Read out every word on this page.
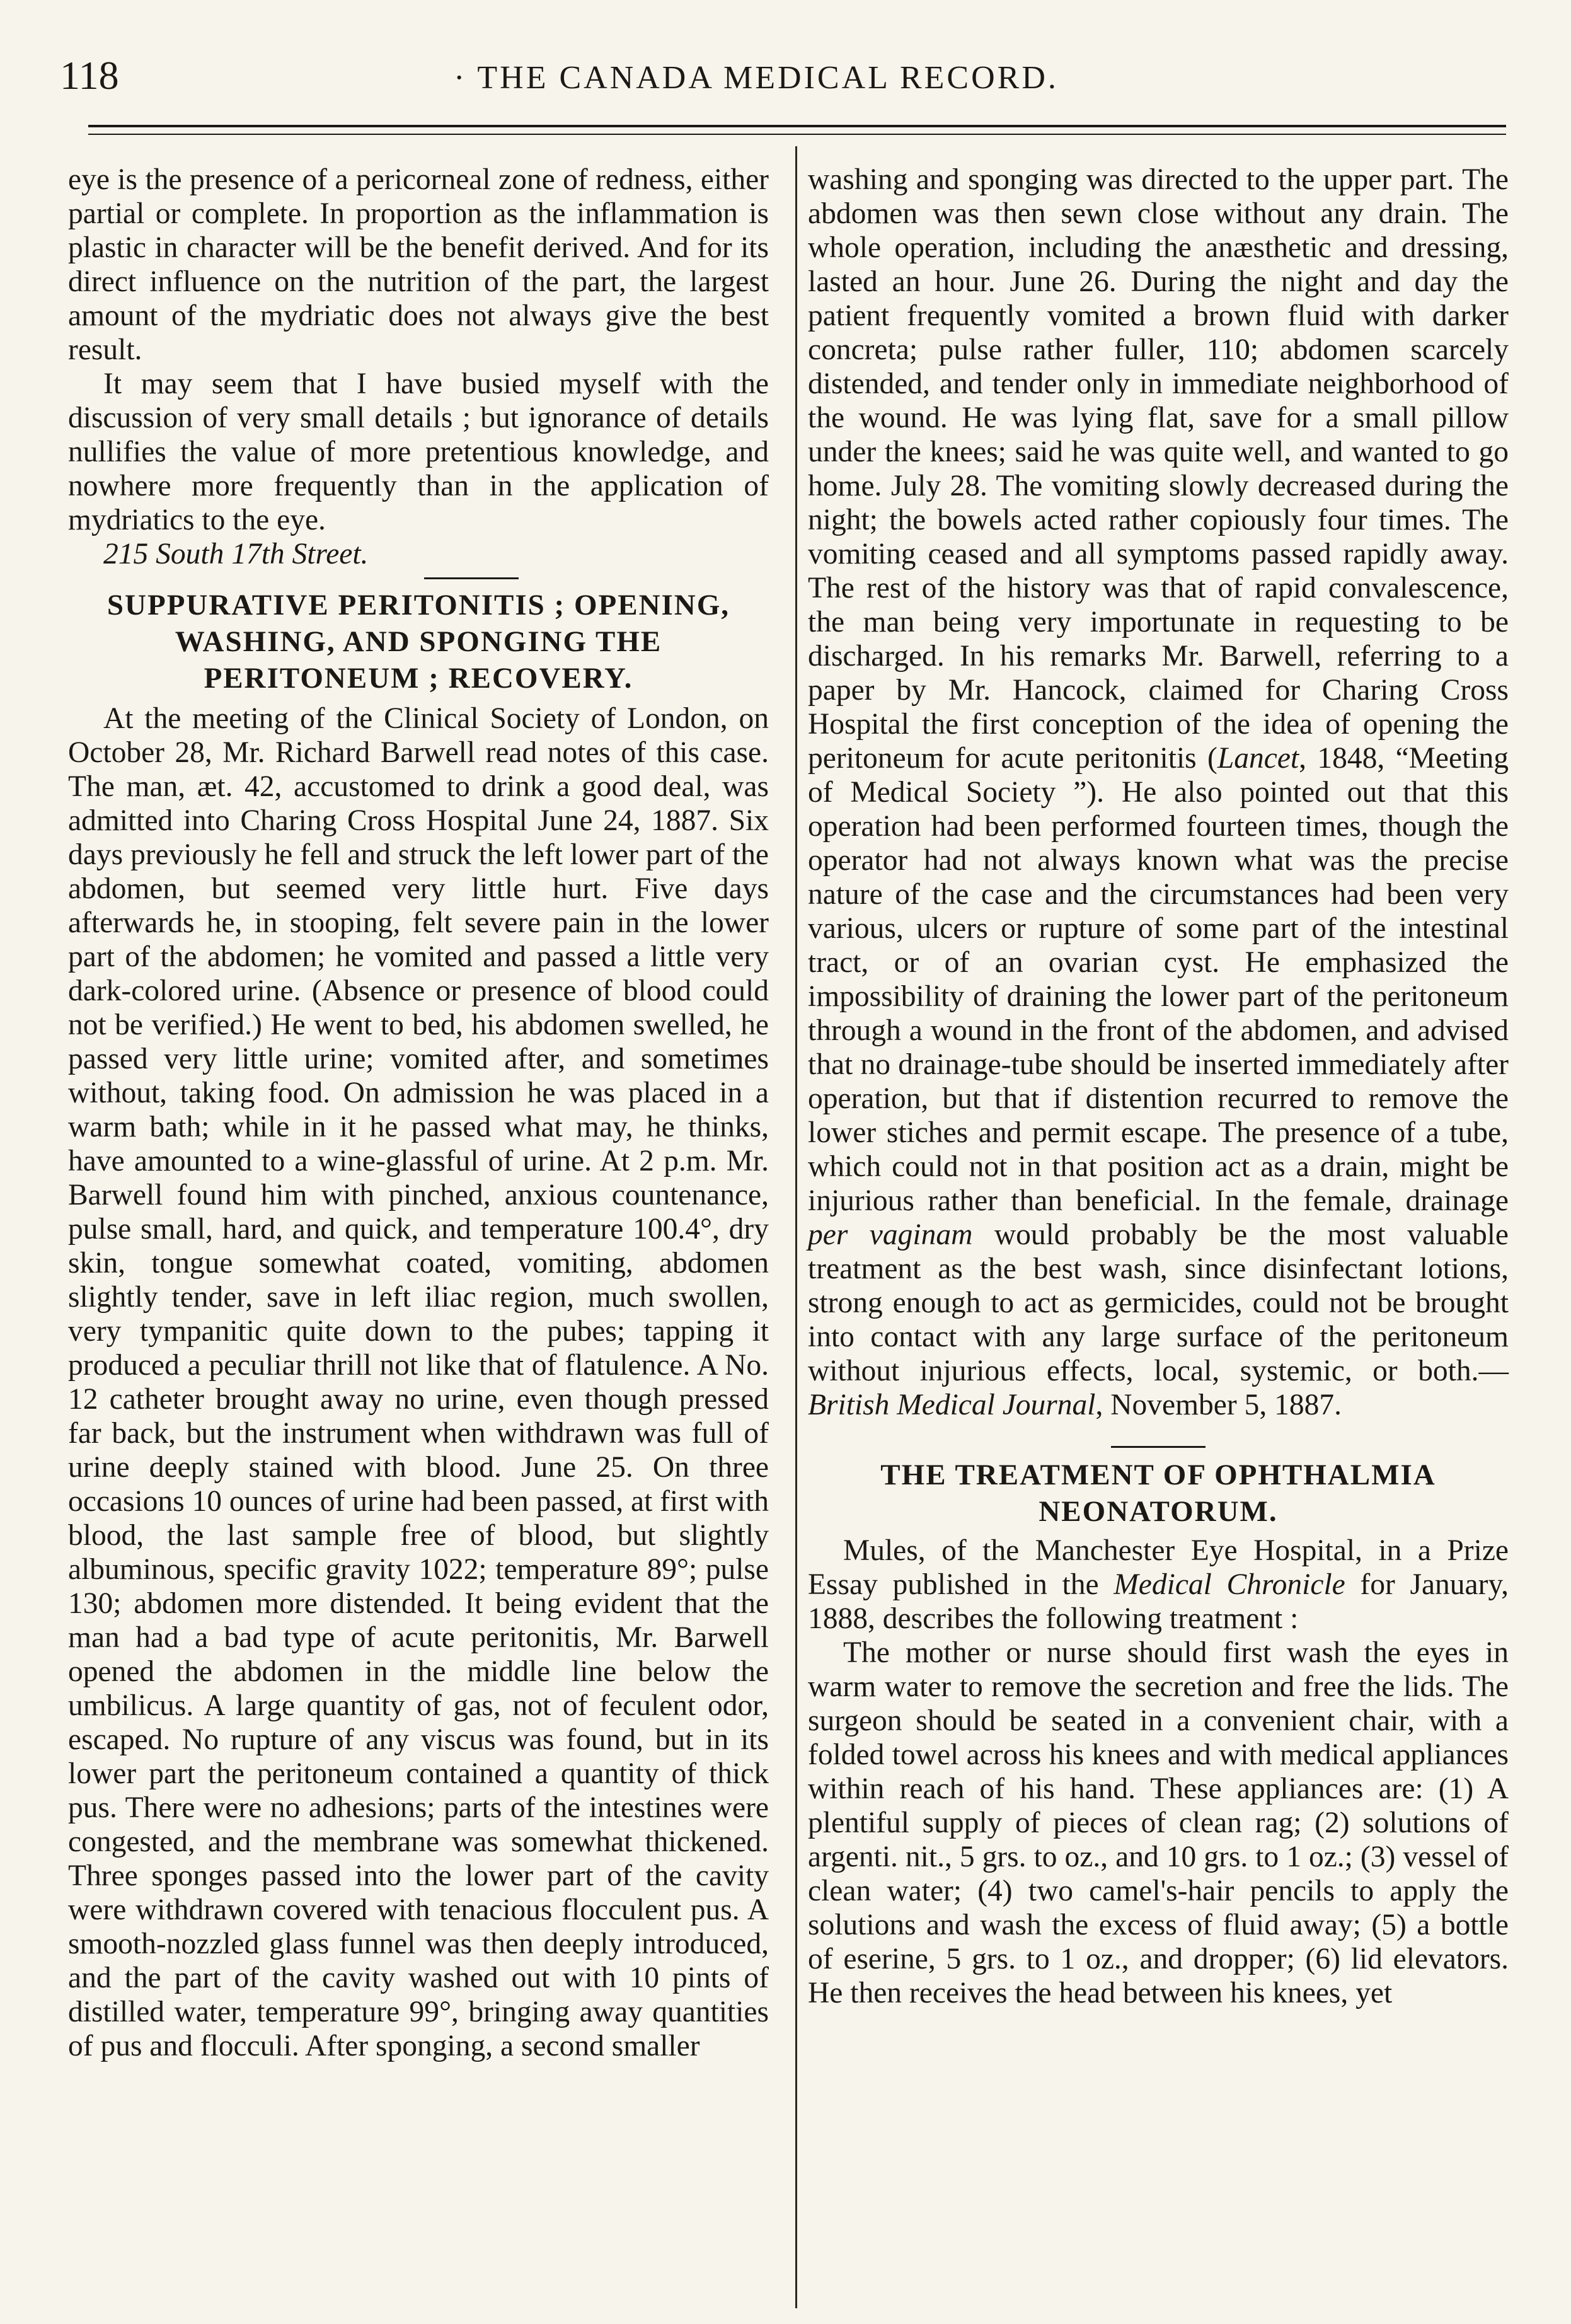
118	· THE CANADA MEDICAL RECORD.

eye is the presence of a pericorneal zone of redness, either partial or complete. In proportion as the inflammation is plastic in character will be the benefit derived. And for its direct influence on the nutrition of the part, the largest amount of the mydriatic does not always give the best result.

It may seem that I have busied myself with the discussion of very small details ; but ignorance of details nullifies the value of more pretentious knowledge, and nowhere more frequently than in the application of mydriatics to the eye.

215 South 17th Street.

SUPPURATIVE PERITONITIS ; OPENING, WASHING, AND SPONGING THE PERITONEUM ; RECOVERY.

At the meeting of the Clinical Society of London, on October 28, Mr. Richard Barwell read notes of this case. The man, æt. 42, accustomed to drink a good deal, was admitted into Charing Cross Hospital June 24, 1887. Six days previously he fell and struck the left lower part of the abdomen, but seemed very little hurt. Five days afterwards he, in stooping, felt severe pain in the lower part of the abdomen; he vomited and passed a little very dark-colored urine. (Absence or presence of blood could not be verified.) He went to bed, his abdomen swelled, he passed very little urine; vomited after, and sometimes without, taking food. On admission he was placed in a warm bath; while in it he passed what may, he thinks, have amounted to a wine-glassful of urine. At 2 p.m. Mr. Barwell found him with pinched, anxious countenance, pulse small, hard, and quick, and temperature 100.4°, dry skin, tongue somewhat coated, vomiting, abdomen slightly tender, save in left iliac region, much swollen, very tympanitic quite down to the pubes; tapping it produced a peculiar thrill not like that of flatulence. A No. 12 catheter brought away no urine, even though pressed far back, but the instrument when withdrawn was full of urine deeply stained with blood. June 25. On three occasions 10 ounces of urine had been passed, at first with blood, the last sample free of blood, but slightly albuminous, specific gravity 1022; temperature 89°; pulse 130; abdomen more distended. It being evident that the man had a bad type of acute peritonitis, Mr. Barwell opened the abdomen in the middle line below the umbilicus. A large quantity of gas, not of feculent odor, escaped. No rupture of any viscus was found, but in its lower part the peritoneum contained a quantity of thick pus. There were no adhesions; parts of the intestines were congested, and the membrane was somewhat thickened. Three sponges passed into the lower part of the cavity were withdrawn covered with tenacious flocculent pus. A smooth-nozzled glass funnel was then deeply introduced, and the part of the cavity washed out with 10 pints of distilled water, temperature 99°, bringing away quantities of pus and flocculi. After sponging, a second smaller

washing and sponging was directed to the upper part. The abdomen was then sewn close without any drain. The whole operation, including the anæsthetic and dressing, lasted an hour. June 26. During the night and day the patient frequently vomited a brown fluid with darker concreta; pulse rather fuller, 110; abdomen scarcely distended, and tender only in immediate neighborhood of the wound. He was lying flat, save for a small pillow under the knees; said he was quite well, and wanted to go home. July 28. The vomiting slowly decreased during the night; the bowels acted rather copiously four times. The vomiting ceased and all symptoms passed rapidly away. The rest of the history was that of rapid convalescence, the man being very importunate in requesting to be discharged. In his remarks Mr. Barwell, referring to a paper by Mr. Hancock, claimed for Charing Cross Hospital the first conception of the idea of opening the peritoneum for acute peritonitis (Lancet, 1848, “Meeting of Medical Society ”). He also pointed out that this operation had been performed fourteen times, though the operator had not always known what was the precise nature of the case and the circumstances had been very various, ulcers or rupture of some part of the intestinal tract, or of an ovarian cyst. He emphasized the impossibility of draining the lower part of the peritoneum through a wound in the front of the abdomen, and advised that no drainage-tube should be inserted immediately after operation, but that if distention recurred to remove the lower stiches and permit escape. The presence of a tube, which could not in that position act as a drain, might be injurious rather than beneficial. In the female, drainage per vaginam would probably be the most valuable treatment as the best wash, since disinfectant lotions, strong enough to act as germicides, could not be brought into contact with any large surface of the peritoneum without injurious effects, local, systemic, or both.—British Medical Journal, November 5, 1887.

THE TREATMENT OF OPHTHALMIA NEONATORUM.

Mules, of the Manchester Eye Hospital, in a Prize Essay published in the Medical Chronicle for January, 1888, describes the following treatment :

The mother or nurse should first wash the eyes in warm water to remove the secretion and free the lids. The surgeon should be seated in a convenient chair, with a folded towel across his knees and with medical appliances within reach of his hand. These appliances are: (1) A plentiful supply of pieces of clean rag; (2) solutions of argenti. nit., 5 grs. to oz., and 10 grs. to 1 oz.; (3) vessel of clean water; (4) two camel's-hair pencils to apply the solutions and wash the excess of fluid away; (5) a bottle of eserine, 5 grs. to 1 oz., and dropper; (6) lid elevators. He then receives the head between his knees, yet
